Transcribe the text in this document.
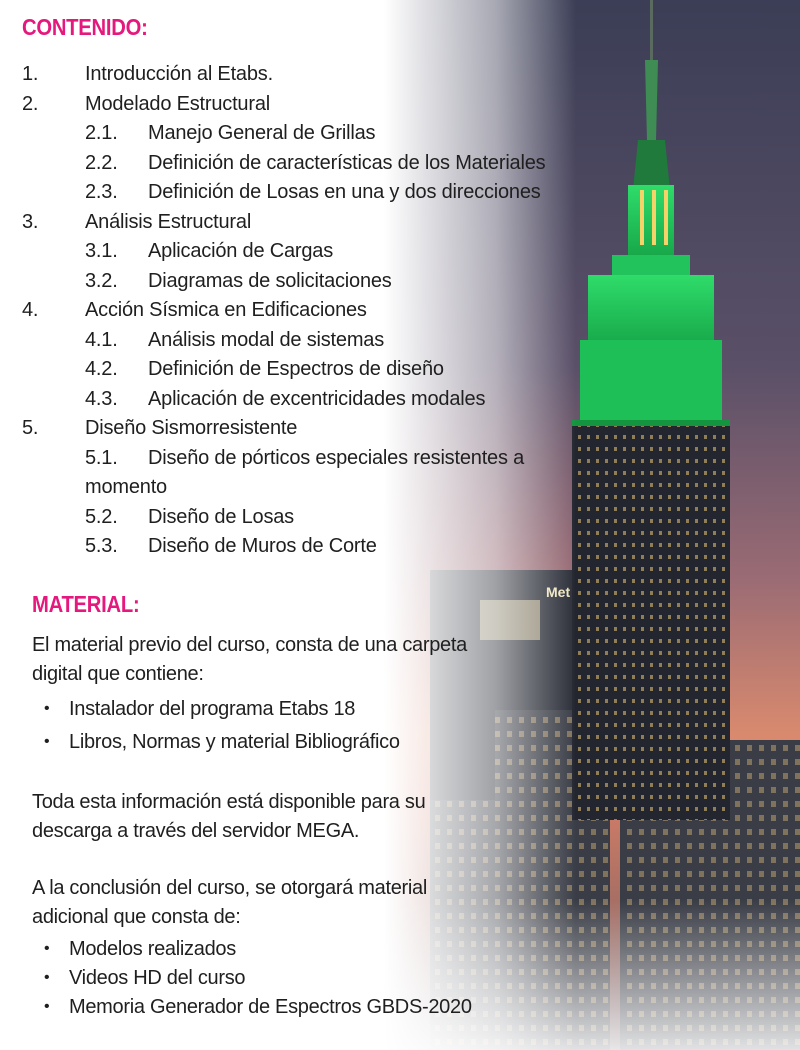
CONTENIDO:
1. Introducción al Etabs.
2. Modelado Estructural
2.1. Manejo General de Grillas
2.2. Definición de características de los Materiales
2.3. Definición de Losas en una y dos direcciones
3. Análisis Estructural
3.1. Aplicación de Cargas
3.2. Diagramas de solicitaciones
4. Acción Sísmica en Edificaciones
4.1. Análisis modal de sistemas
4.2. Definición de Espectros de diseño
4.3. Aplicación de excentricidades modales
5. Diseño Sismorresistente
5.1. Diseño de pórticos especiales resistentes a
momento
5.2. Diseño de Losas
5.3. Diseño de Muros de Corte
MATERIAL:
El material previo del curso, consta de una carpeta
digital que contiene:
• Instalador del programa Etabs 18
• Libros, Normas y material Bibliográfico
Toda esta información está disponible para su
descarga a través del servidor MEGA.
A la conclusión del curso, se otorgará material
adicional que consta de:
• Modelos realizados
• Videos HD del curso
• Memoria Generador de Espectros GBDS-2020
